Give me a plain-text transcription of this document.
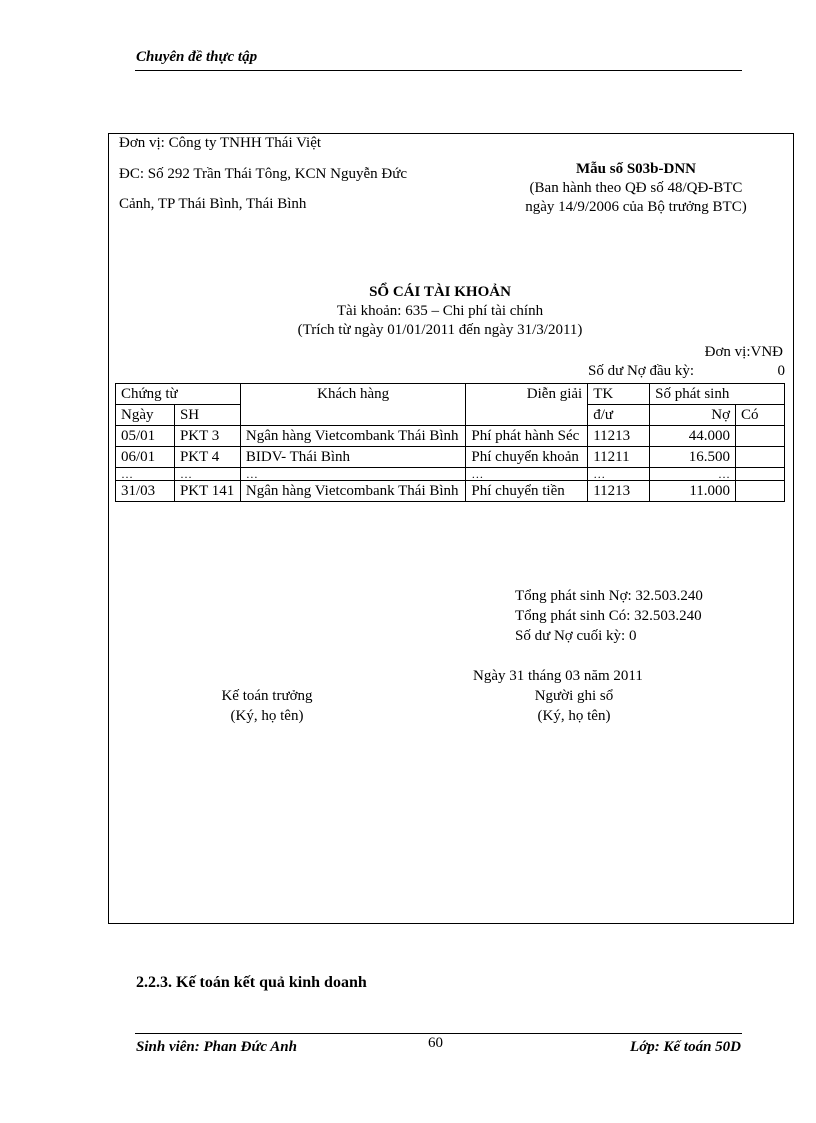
Chuyên đề thực tập
Đơn vị: Công ty TNHH Thái Việt
ĐC: Số 292 Trần Thái Tông, KCN Nguyễn Đức
Cảnh, TP Thái Bình, Thái Bình
Mẫu số S03b-DNN
(Ban hành theo QĐ số 48/QĐ-BTC
ngày 14/9/2006 của Bộ trưởng BTC)
SỔ CÁI TÀI KHOẢN
Tài khoản: 635 – Chi phí tài chính
(Trích từ ngày 01/01/2011 đến ngày 31/3/2011)
Đơn vị:VNĐ
Số dư Nợ đầu kỳ:	0
Chứng từ		Khách hàng	Diễn giải	TK	Số phát sinh	
Ngày	SH			đ/ư	Nợ	Có
05/01	PKT 3	Ngân hàng Vietcombank Thái Bình	Phí phát hành Séc	11213	44.000	
06/01	PKT 4	BIDV- Thái Bình	Phí chuyển khoản	11211	16.500	
…	…	…	…	…	…	
31/03	PKT 141	Ngân hàng Vietcombank Thái Bình	Phí chuyển tiền	11213	11.000	
Tổng phát sinh Nợ: 32.503.240
Tổng phát sinh Có: 32.503.240
Số dư Nợ cuối kỳ: 0
Ngày 31 tháng 03 năm 2011
Kế toán trưởng
(Ký, họ tên)
Người ghi sổ
(Ký, họ tên)
2.2.3. Kế toán kết quả kinh doanh
Sinh viên: Phan Đức Anh	60	Lớp: Kế toán 50D
